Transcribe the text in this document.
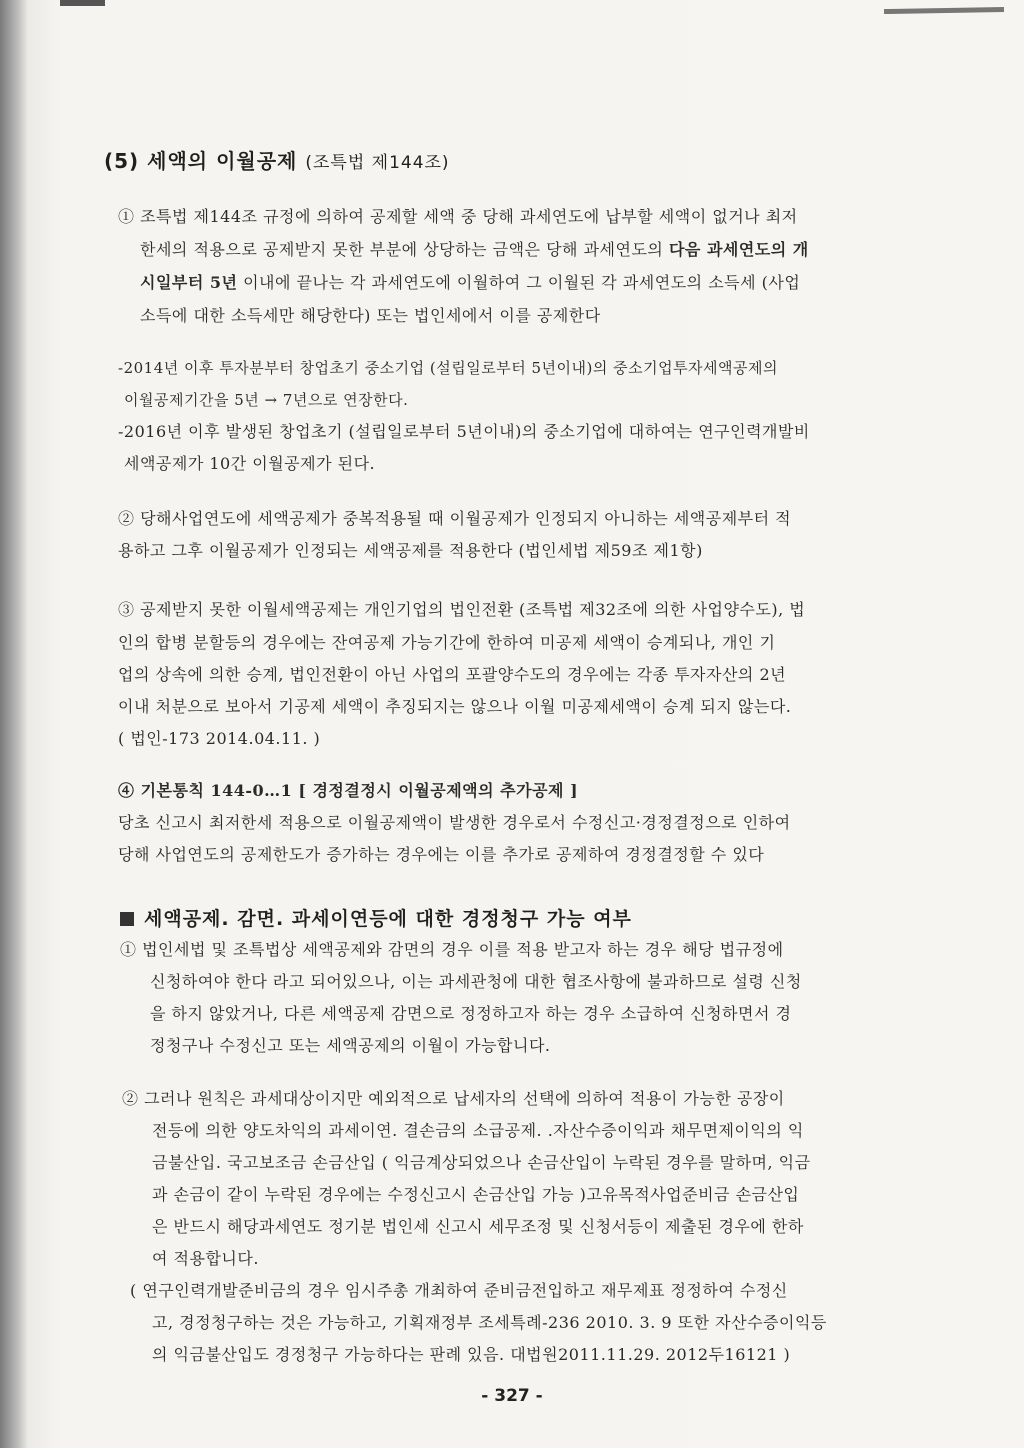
(5) 세액의 이월공제 (조특법 제144조)
① 조특법 제144조 규정에 의하여 공제할 세액 중 당해 과세연도에 납부할 세액이 없거나 최저
한세의 적용으로 공제받지 못한 부분에 상당하는 금액은 당해 과세연도의 다음 과세연도의 개
시일부터 5년 이내에 끝나는 각 과세연도에 이월하여 그 이월된 각 과세연도의 소득세 (사업
소득에 대한 소득세만 해당한다) 또는 법인세에서 이를 공제한다
-2014년 이후 투자분부터 창업초기 중소기업 (설립일로부터 5년이내)의 중소기업투자세액공제의
이월공제기간을 5년 → 7년으로 연장한다.
-2016년 이후 발생된 창업초기 (설립일로부터 5년이내)의 중소기업에 대하여는 연구인력개발비
세액공제가 10간 이월공제가 된다.
② 당해사업연도에 세액공제가 중복적용될 때 이월공제가 인정되지 아니하는 세액공제부터 적
용하고 그후 이월공제가 인정되는 세액공제를 적용한다 (법인세법 제59조 제1항)
③ 공제받지 못한 이월세액공제는 개인기업의 법인전환 (조특법 제32조에 의한 사업양수도), 법
인의 합병 분할등의 경우에는 잔여공제 가능기간에 한하여 미공제 세액이 승계되나, 개인 기
업의 상속에 의한 승계, 법인전환이 아닌 사업의 포괄양수도의 경우에는 각종 투자자산의 2년
이내 처분으로 보아서 기공제 세액이 추징되지는 않으나 이월 미공제세액이 승계 되지 않는다.
( 법인-173 2014.04.11. )
④ 기본통칙 144-0…1 [ 경정결정시 이월공제액의 추가공제 ]
당초 신고시 최저한세 적용으로 이월공제액이 발생한 경우로서 수정신고·경정결정으로 인하여
당해 사업연도의 공제한도가 증가하는 경우에는 이를 추가로 공제하여 경정결정할 수 있다
세액공제. 감면. 과세이연등에 대한 경정청구 가능 여부
① 법인세법 및 조특법상 세액공제와 감면의 경우 이를 적용 받고자 하는 경우 해당 법규정에
신청하여야 한다 라고 되어있으나, 이는 과세관청에 대한 협조사항에 불과하므로 설령 신청
을 하지 않았거나, 다른 세액공제 감면으로 정정하고자 하는 경우 소급하여 신청하면서 경
정청구나 수정신고 또는 세액공제의 이월이 가능합니다.
② 그러나 원칙은 과세대상이지만 예외적으로 납세자의 선택에 의하여 적용이 가능한 공장이
전등에 의한 양도차익의 과세이연. 결손금의 소급공제. .자산수증이익과 채무면제이익의 익
금불산입. 국고보조금 손금산입 ( 익금계상되었으나 손금산입이 누락된 경우를 말하며, 익금
과 손금이 같이 누락된 경우에는 수정신고시 손금산입 가능 )고유목적사업준비금 손금산입
은 반드시 해당과세연도 정기분 법인세 신고시 세무조정 및 신청서등이 제출된 경우에 한하
여 적용합니다.
( 연구인력개발준비금의 경우 임시주총 개최하여 준비금전입하고 재무제표 정정하여 수정신
고, 경정청구하는 것은 가능하고, 기획재정부 조세특례-236 2010. 3. 9 또한 자산수증이익등
의 익금불산입도 경정청구 가능하다는 판례 있음. 대법원2011.11.29. 2012두16121 )
- 327 -
